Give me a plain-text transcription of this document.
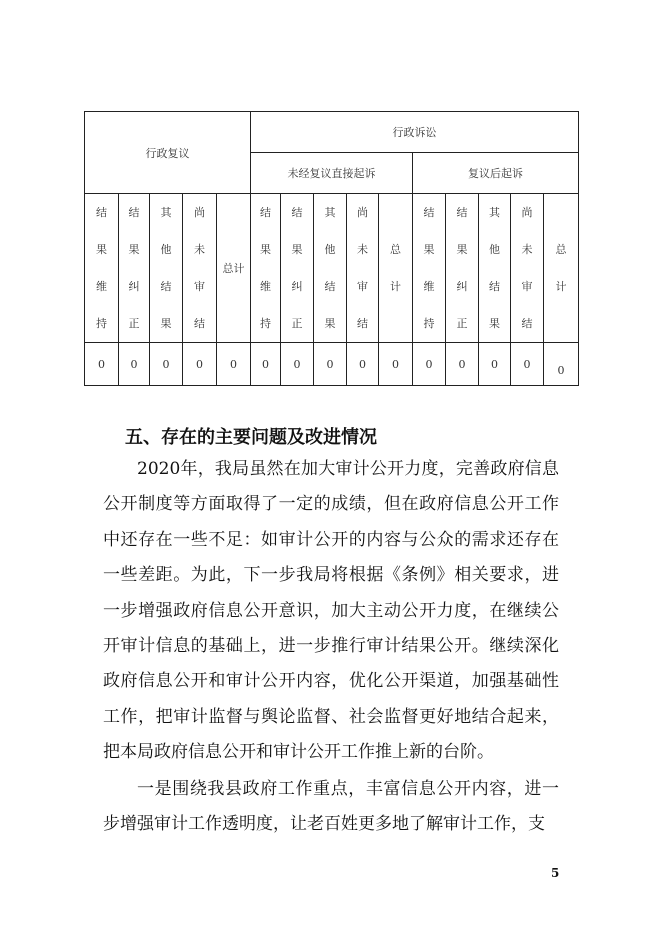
行政复议					行政诉讼									
					未经复议直接起诉					复议后起诉				
结果维持	结果纠正	其他结果	尚未审结	总计	结果维持	结果纠正	其他结果	尚未审结	总计	结果维持	结果纠正	其他结果	尚未审结	总计
0	0	0	0	0	0	0	0	0	0	0	0	0	0	0
五、存在的主要问题及改进情况
2020年，我局虽然在加大审计公开力度，完善政府信息公开制度等方面取得了一定的成绩，但在政府信息公开工作中还存在一些不足：如审计公开的内容与公众的需求还存在一些差距。为此，下一步我局将根据《条例》相关要求，进一步增强政府信息公开意识，加大主动公开力度，在继续公开审计信息的基础上，进一步推行审计结果公开。继续深化政府信息公开和审计公开内容，优化公开渠道，加强基础性工作，把审计监督与舆论监督、社会监督更好地结合起来，把本局政府信息公开和审计公开工作推上新的台阶。
一是围绕我县政府工作重点，丰富信息公开内容，进一步增强审计工作透明度，让老百姓更多地了解审计工作，支
5
